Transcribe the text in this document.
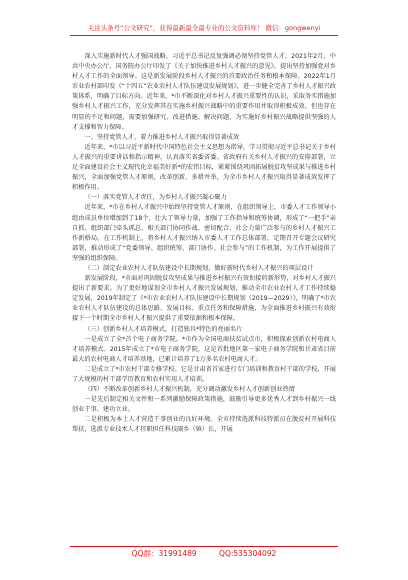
关注头条号“公文研究”，获得最新最全最专业的公文资料库！ 微信：gongwenyi

深入实施新时代人才强国战略，习近平总书记反复强调必须坚持党管人才。2021年2月，中共中央办公厅、国务院办公厅印发了《关于加快推进乡村人才振兴的意见》，提出坚持加强党对乡村人才工作的全面领导。这是新发展阶段乡村人才振兴的首要政治任务和根本保障。2022年1月农业农村部印发《“十四五”农业农村人才队伍建设发展规划》，进一步健全完善了乡村人才振兴政策体系，明确了目标方向。近年来，*市不断深化对乡村人才振兴重要性的认识，采取务实措施加强乡村人才振兴工作，充分发挥其在实施乡村振兴战略中的重要作用并取得积极成效。但也存在明显的不足和问题，需要加强研究、改进措施、解决问题，为实施好乡村振兴战略提供坚强的人才支撑和智力保障。

一、坚持党管人才，着力推进乡村人才振兴取得显著成效

近年来，*市以习近平新时代中国特色社会主义思想为指导，学习贯彻习近平总书记关于乡村人才振兴的重要讲话和指示精神，认真落实省委省委、省政府有关乡村人才振兴的安排部署，立足全面建设社会主义现代化幸福美好新*的宏伟目标，紧紧围绕巩固拓展脱贫攻坚成果与推进乡村振兴，全面加强党管人才原则，改革创新、多措并举，为全市乡村人才振兴取得显著成效发挥了积极作用。

（一）落实党管人才责任，为乡村人才振兴凝心聚力

近年来，*市在乡村人才振兴中始终坚持党管人才原则，在组织领导上，市委人才工作领导小组由成员单位增加到了18个，壮大了领导力量，加强了工作指导和统筹协调，形成了“一把手”亲自抓、组织部门牵头抓总、相关部门协同作战、密切配合、社会力量广泛参与的乡村人才振兴工作新格局。在工作机制上，将乡村人才振兴纳入市委人才工作总体部署，定期召开专题会议研究部署，推动形成了“党委领导、组织统筹、部门协作、社会参与”的工作机制，为工作开展提供了坚强的组织保障。

（二）制定农业农村人才队伍建设中长期规划，做好新时代乡村人才振兴的项层设计

新发展阶段，*市面对巩固脱贫攻坚成果与推进乡村振兴有效衔接的新形势，对乡村人才振兴提出了新要求。为了更好地谋划全市乡村人才振兴发展规划，推动全市农业农村人才工作持续稳定发展，2019年制定了《*市农业农村人才队伍建设中长期规划（2019—2029）》，明确了*市农业农村人才队伍建设的总体思路、发展目标、重点任务和保障措施，为全面推进乡村振兴有效衔接下一个时期全市乡村人才振兴提供了重要依据和根本保障。

（三）创新乡村人才培养模式，打造独具*特色的亮丽名片

一是成立了全*首个电子商务学院。*市作为全国电商扶贫试点市，积极探索创新农村电商人才培养模式。2015年成立了*市电子商务学院，这是首批地区第一家电子商务学院和甘肃省目前最大的农村电商人才培养基地，已累计培养了1万多名农村电商人才。

二是成立了*市农村干部专修学校。它是甘肃省首家进行专门培训和教育村干部的学校，开展了大规模的村干部学历教育和农村实用人才培训。

（四）不断改革创新乡村人才振兴机制，充分调动激发乡村人才创新创业热情

一是先后制定相关文件和一系列激励保障政策措施，鼓励引导更多优秀人才到乡村振兴一线创业干事、建功立业。

二是积极为本土人才营造干事创业的良好环境。全市持续选派科技特派员在脱贫村开展科技帮扶，选派专业技术人才挂职担任科技副乡（镇）长，开展

QQ群：31991489	QQ:535304092
